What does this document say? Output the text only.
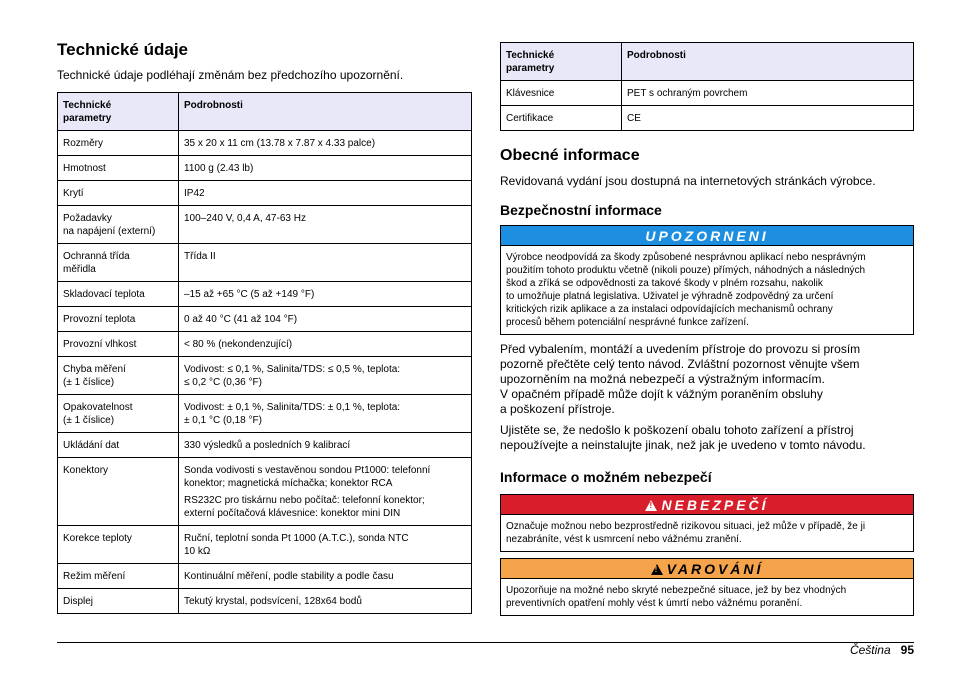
Technické údaje

Technické údaje podléhají změnám bez předchozího upozornění.

Technické parametry	Podrobnosti

Rozměry	35 x 20 x 11 cm (13.78 x 7.87 x 4.33 palce)

Hmotnost	1100 g (2.43 lb)

Krytí	IP42

Požadavky
na napájení (externí)	100–240 V, 0,4 A, 47-63 Hz

Ochranná třída
měřidla	Třída II

Skladovací teplota	–15 až +65 °C (5 až +149 °F)

Provozní teplota	0 až 40 °C (41 až 104 °F)

Provozní vlhkost	< 80 % (nekondenzující)

Chyba měření
(± 1 číslice)	Vodivost: ≤ 0,1 %, Salinita/TDS: ≤ 0,5 %, teplota:
≤ 0,2 °C (0,36 °F)

Opakovatelnost
(± 1 číslice)	Vodivost: ± 0,1 %, Salinita/TDS: ± 0,1 %, teplota:
± 0,1 °C (0,18 °F)

Ukládání dat	330 výsledků a posledních 9 kalibrací

Konektory	Sonda vodivosti s vestavěnou sondou Pt1000: telefonní
konektor; magnetická míchačka; konektor RCA
RS232C pro tiskárnu nebo počítač: telefonní konektor;
externí počítačová klávesnice: konektor mini DIN

Korekce teploty	Ruční, teplotní sonda Pt 1000 (A.T.C.), sonda NTC
10 kΩ

Režim měření	Kontinuální měření, podle stability a podle času

Displej	Tekutý krystal, podsvícení, 128x64 bodů
Technické parametry	Podrobnosti

Klávesnice	PET s ochraným povrchem

Certifikace	CE
Obecné informace

Revidovaná vydání jsou dostupná na internetových stránkách výrobce.

Bezpečnostní informace
UPOZORNENI
Výrobce neodpovídá za škody způsobené nesprávnou aplikací nebo nesprávným
použitím tohoto produktu včetně (nikoli pouze) přímých, náhodných a následných
škod a zříká se odpovědnosti za takové škody v plném rozsahu, nakolik
to umožňuje platná legislativa. Uživatel je výhradně zodpovědný za určení
kritických rizik aplikace a za instalaci odpovídajících mechanismů ochrany
procesů během potenciální nesprávné funkce zařízení.

Před vybalením, montáží a uvedením přístroje do provozu si prosím
pozorně přečtěte celý tento návod. Zvláštní pozornost věnujte všem
upozorněním na možná nebezpečí a výstražným informacím.
V opačném případě může dojít k vážným poraněním obsluhy
a poškození přístroje.

Ujistěte se, že nedošlo k poškození obalu tohoto zařízení a přístroj
nepoužívejte a neinstalujte jinak, než jak je uvedeno v tomto návodu.

Informace o možném nebezpečí
!NEBEZPEČÍ
Označuje možnou nebo bezprostředně rizikovou situaci, jež může v případě, že ji
nezabráníte, vést k usmrcení nebo vážnému zranění.
!VAROVÁNÍ
Upozorňuje na možné nebo skryté nebezpečné situace, jež by bez vhodných
preventivních opatření mohly vést k úmrtí nebo vážnému poranění.
Čeština 95
